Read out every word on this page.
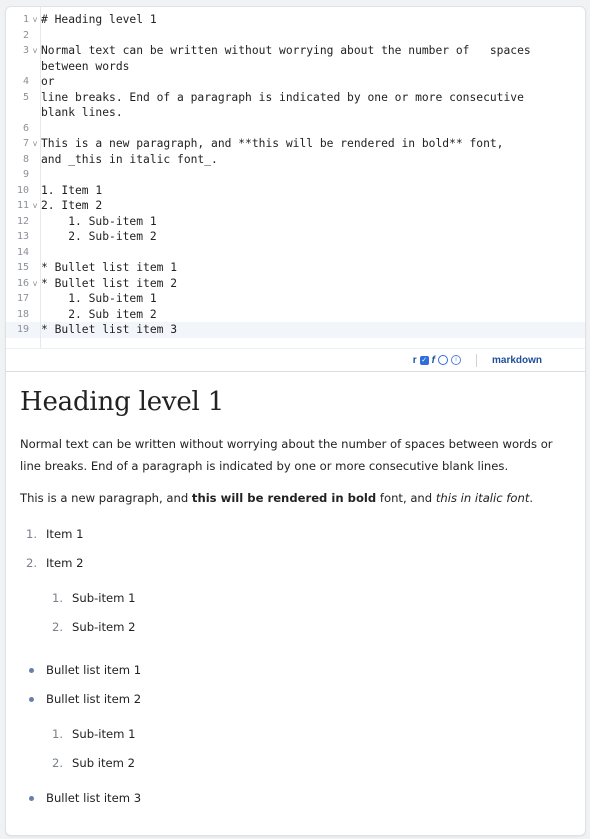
1 v # Heading level 1
2
3 v Normal text can be written without worrying about the number of   spaces between words
4 or
5 line breaks. End of a paragraph is indicated by one or more consecutive blank lines.
6
7 v This is a new paragraph, and **this will be rendered in bold** font,
8 and _this in italic font_.
9
10 1. Item 1
11 v 2. Item 2
12 1. Sub-item 1
13 2. Sub-item 2
14
15 * Bullet list item 1
16 v * Bullet list item 2
17 1. Sub-item 1
18 2. Sub item 2
19 * Bullet list item 3
r ✓ f	i	markdown
Heading level 1

Normal text can be written without worrying about the number of spaces between words or line breaks. End of a paragraph is indicated by one or more consecutive blank lines.

This is a new paragraph, and this will be rendered in bold font, and this in italic font.

1. Item 1
2. Item 2
1. Sub-item 1
2. Sub-item 2
Bullet list item 1
Bullet list item 2
1. Sub-item 1
2. Sub item 2
Bullet list item 3
